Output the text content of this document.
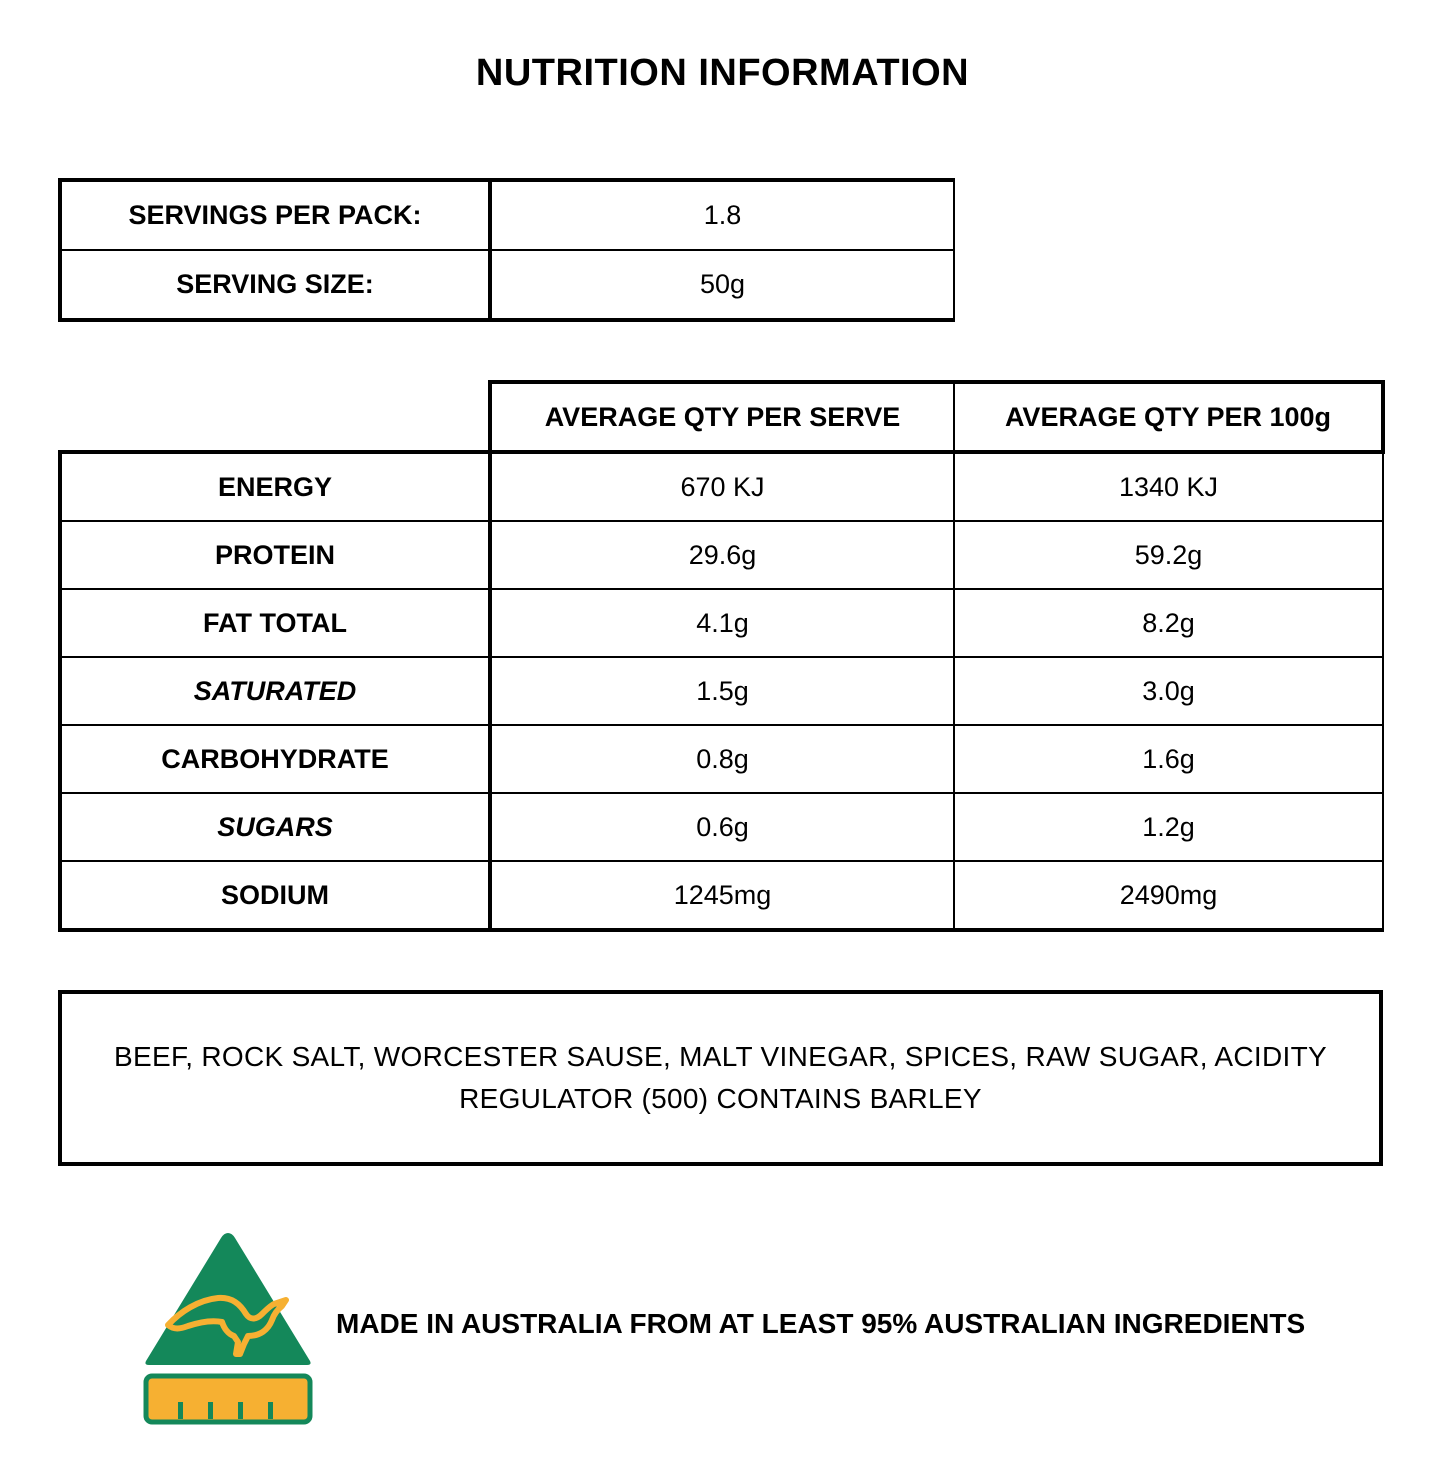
NUTRITION INFORMATION
SERVINGS PER PACK:	1.8
SERVING SIZE:	50g
	AVERAGE QTY PER SERVE	AVERAGE QTY PER 100g
ENERGY	670 KJ	1340 KJ
PROTEIN	29.6g	59.2g
FAT TOTAL	4.1g	8.2g
SATURATED	1.5g	3.0g
CARBOHYDRATE	0.8g	1.6g
SUGARS	0.6g	1.2g
SODIUM	1245mg	2490mg

BEEF, ROCK SALT, WORCESTER SAUSE, MALT VINEGAR, SPICES, RAW SUGAR, ACIDITY REGULATOR (500) CONTAINS BARLEY

MADE IN AUSTRALIA FROM AT LEAST 95% AUSTRALIAN INGREDIENTS
